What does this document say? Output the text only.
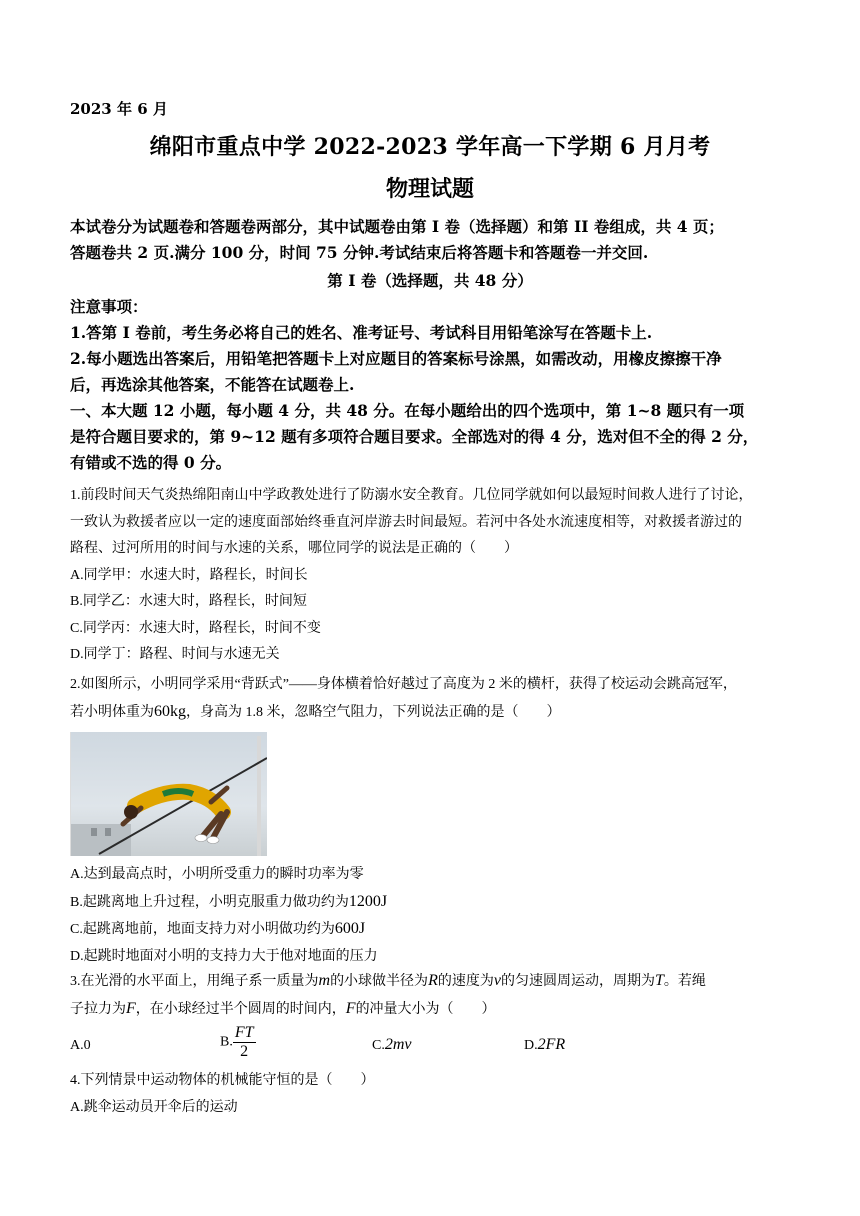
2023 年 6 月
绵阳市重点中学 2022-2023 学年高一下学期 6 月月考
物理试题
本试卷分为试题卷和答题卷两部分，其中试题卷由第 I 卷（选择题）和第 II 卷组成，共 4 页；
答题卷共 2 页.满分 100 分，时间 75 分钟.考试结束后将答题卡和答题卷一并交回.
第 I 卷（选择题，共 48 分）
注意事项：
1.答第 I 卷前，考生务必将自己的姓名、准考证号、考试科目用铅笔涂写在答题卡上.
2.每小题选出答案后，用铅笔把答题卡上对应题目的答案标号涂黑，如需改动，用橡皮擦擦干净
后，再选涂其他答案，不能答在试题卷上.
一、本大题 12 小题，每小题 4 分，共 48 分。在每小题给出的四个选项中，第 1~8 题只有一项
是符合题目要求的，第 9~12 题有多项符合题目要求。全部选对的得 4 分，选对但不全的得 2 分，
有错或不选的得 0 分。
1.前段时间天气炎热绵阳南山中学政教处进行了防溺水安全教育。几位同学就如何以最短时间救人进行了讨论，
一致认为救援者应以一定的速度面部始终垂直河岸游去时间最短。若河中各处水流速度相等，对救援者游过的
路程、过河所用的时间与水速的关系，哪位同学的说法是正确的（　　）
A.同学甲：水速大时，路程长，时间长
B.同学乙：水速大时，路程长，时间短
C.同学丙：水速大时，路程长，时间不变
D.同学丁：路程、时间与水速无关
2.如图所示，小明同学采用“背跃式”——身体横着恰好越过了高度为 2 米的横杆，获得了校运动会跳高冠军，
若小明体重为60kg，身高为 1.8 米，忽略空气阻力，下列说法正确的是（　　）
A.达到最高点时，小明所受重力的瞬时功率为零
B.起跳离地上升过程，小明克服重力做功约为1200J
C.起跳离地前，地面支持力对小明做功约为600J
D.起跳时地面对小明的支持力大于他对地面的压力
3.在光滑的水平面上，用绳子系一质量为m的小球做半径为R的速度为v的匀速圆周运动，周期为T。若绳
子拉力为F，在小球经过半个圆周的时间内，F的冲量大小为（　　）
A.0	B. $\frac{FT}{2}$	C.2mv	D.2FR
4.下列情景中运动物体的机械能守恒的是（　　）
A.跳伞运动员开伞后的运动
